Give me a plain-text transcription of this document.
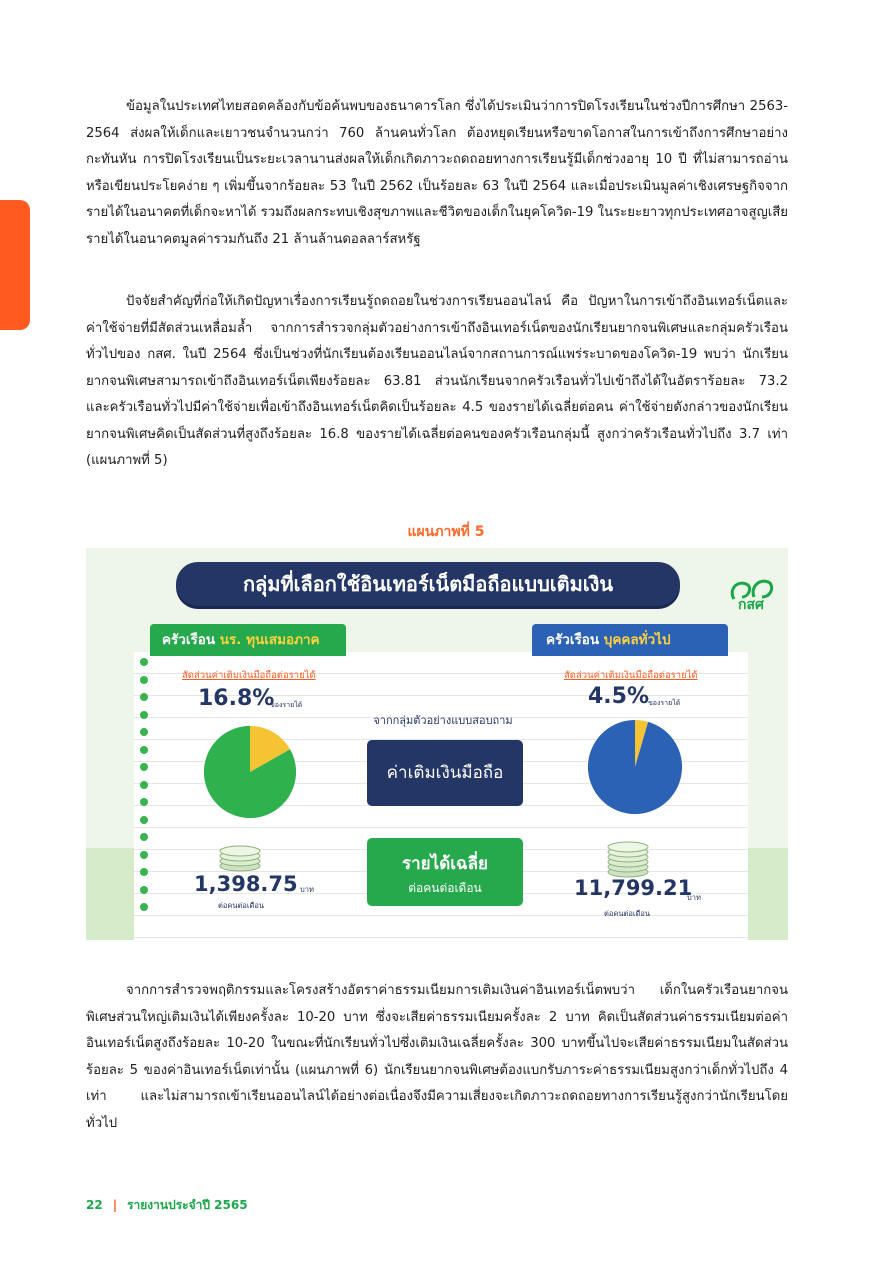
ข้อมูลในประเทศไทยสอดคล้องกับข้อค้นพบของธนาคารโลก ซึ่งได้ประเมินว่าการปิดโรงเรียนในช่วงปีการศึกษา 2563-2564 ส่งผลให้เด็กและเยาวชนจำนวนกว่า 760 ล้านคนทั่วโลก ต้องหยุดเรียนหรือขาดโอกาสในการเข้าถึงการศึกษาอย่างกะทันหัน การปิดโรงเรียนเป็นระยะเวลานานส่งผลให้เด็กเกิดภาวะถดถอยทางการเรียนรู้มีเด็กช่วงอายุ 10 ปี ที่ไม่สามารถอ่านหรือเขียนประโยคง่าย ๆ เพิ่มขึ้นจากร้อยละ 53 ในปี 2562 เป็นร้อยละ 63 ในปี 2564 และเมื่อประเมินมูลค่าเชิงเศรษฐกิจจากรายได้ในอนาคตที่เด็กจะหาได้ รวมถึงผลกระทบเชิงสุขภาพและชีวิตของเด็กในยุคโควิด-19 ในระยะยาวทุกประเทศอาจสูญเสียรายได้ในอนาคตมูลค่ารวมกันถึง 21 ล้านล้านดอลลาร์สหรัฐ

ปัจจัยสำคัญที่ก่อให้เกิดปัญหาเรื่องการเรียนรู้ถดถอยในช่วงการเรียนออนไลน์ คือ ปัญหาในการเข้าถึงอินเทอร์เน็ตและค่าใช้จ่ายที่มีสัดส่วนเหลื่อมล้ำ จากการสำรวจกลุ่มตัวอย่างการเข้าถึงอินเทอร์เน็ตของนักเรียนยากจนพิเศษและกลุ่มครัวเรือนทั่วไปของ กสศ. ในปี 2564 ซึ่งเป็นช่วงที่นักเรียนต้องเรียนออนไลน์จากสถานการณ์แพร่ระบาดของโควิด-19 พบว่า นักเรียนยากจนพิเศษสามารถเข้าถึงอินเทอร์เน็ตเพียงร้อยละ 63.81 ส่วนนักเรียนจากครัวเรือนทั่วไปเข้าถึงได้ในอัตราร้อยละ 73.2 และครัวเรือนทั่วไปมีค่าใช้จ่ายเพื่อเข้าถึงอินเทอร์เน็ตคิดเป็นร้อยละ 4.5 ของรายได้เฉลี่ยต่อคน ค่าใช้จ่ายดังกล่าวของนักเรียนยากจนพิเศษคิดเป็นสัดส่วนที่สูงถึงร้อยละ 16.8 ของรายได้เฉลี่ยต่อคนของครัวเรือนกลุ่มนี้ สูงกว่าครัวเรือนทั่วไปถึง 3.7 เท่า (แผนภาพที่ 5)

แผนภาพที่ 5
กลุ่มที่เลือกใช้อินเทอร์เน็ตมือถือแบบเติมเงิน
กสศ
ครัวเรือน นร. ทุนเสมอภาค	ครัวเรือน บุคคลทั่วไป
สัดส่วนค่าเติมเงินมือถือต่อรายได้	สัดส่วนค่าเติมเงินมือถือต่อรายได้
16.8%
ของรายได้	4.5%
ของรายได้
จากกลุ่มตัวอย่างแบบสอบถาม
ค่าเติมเงินมือถือ
รายได้เฉลี่ย
ต่อคนต่อเดือน
1,398.75 บาท
ต่อคนต่อเดือน
11,799.21
บาท
ต่อคนต่อเดือน

จากการสำรวจพฤติกรรมและโครงสร้างอัตราค่าธรรมเนียมการเติมเงินค่าอินเทอร์เน็ตพบว่า เด็กในครัวเรือนยากจนพิเศษส่วนใหญ่เติมเงินได้เพียงครั้งละ 10-20 บาท ซึ่งจะเสียค่าธรรมเนียมครั้งละ 2 บาท คิดเป็นสัดส่วนค่าธรรมเนียมต่อค่าอินเทอร์เน็ตสูงถึงร้อยละ 10-20 ในขณะที่นักเรียนทั่วไปซึ่งเติมเงินเฉลี่ยครั้งละ 300 บาทขึ้นไปจะเสียค่าธรรมเนียมในสัดส่วนร้อยละ 5 ของค่าอินเทอร์เน็ตเท่านั้น (แผนภาพที่ 6) นักเรียนยากจนพิเศษต้องแบกรับภาระค่าธรรมเนียมสูงกว่าเด็กทั่วไปถึง 4 เท่า และไม่สามารถเข้าเรียนออนไลน์ได้อย่างต่อเนื่องจึงมีความเสี่ยงจะเกิดภาวะถดถอยทางการเรียนรู้สูงกว่านักเรียนโดยทั่วไป

22 | รายงานประจำปี 2565
